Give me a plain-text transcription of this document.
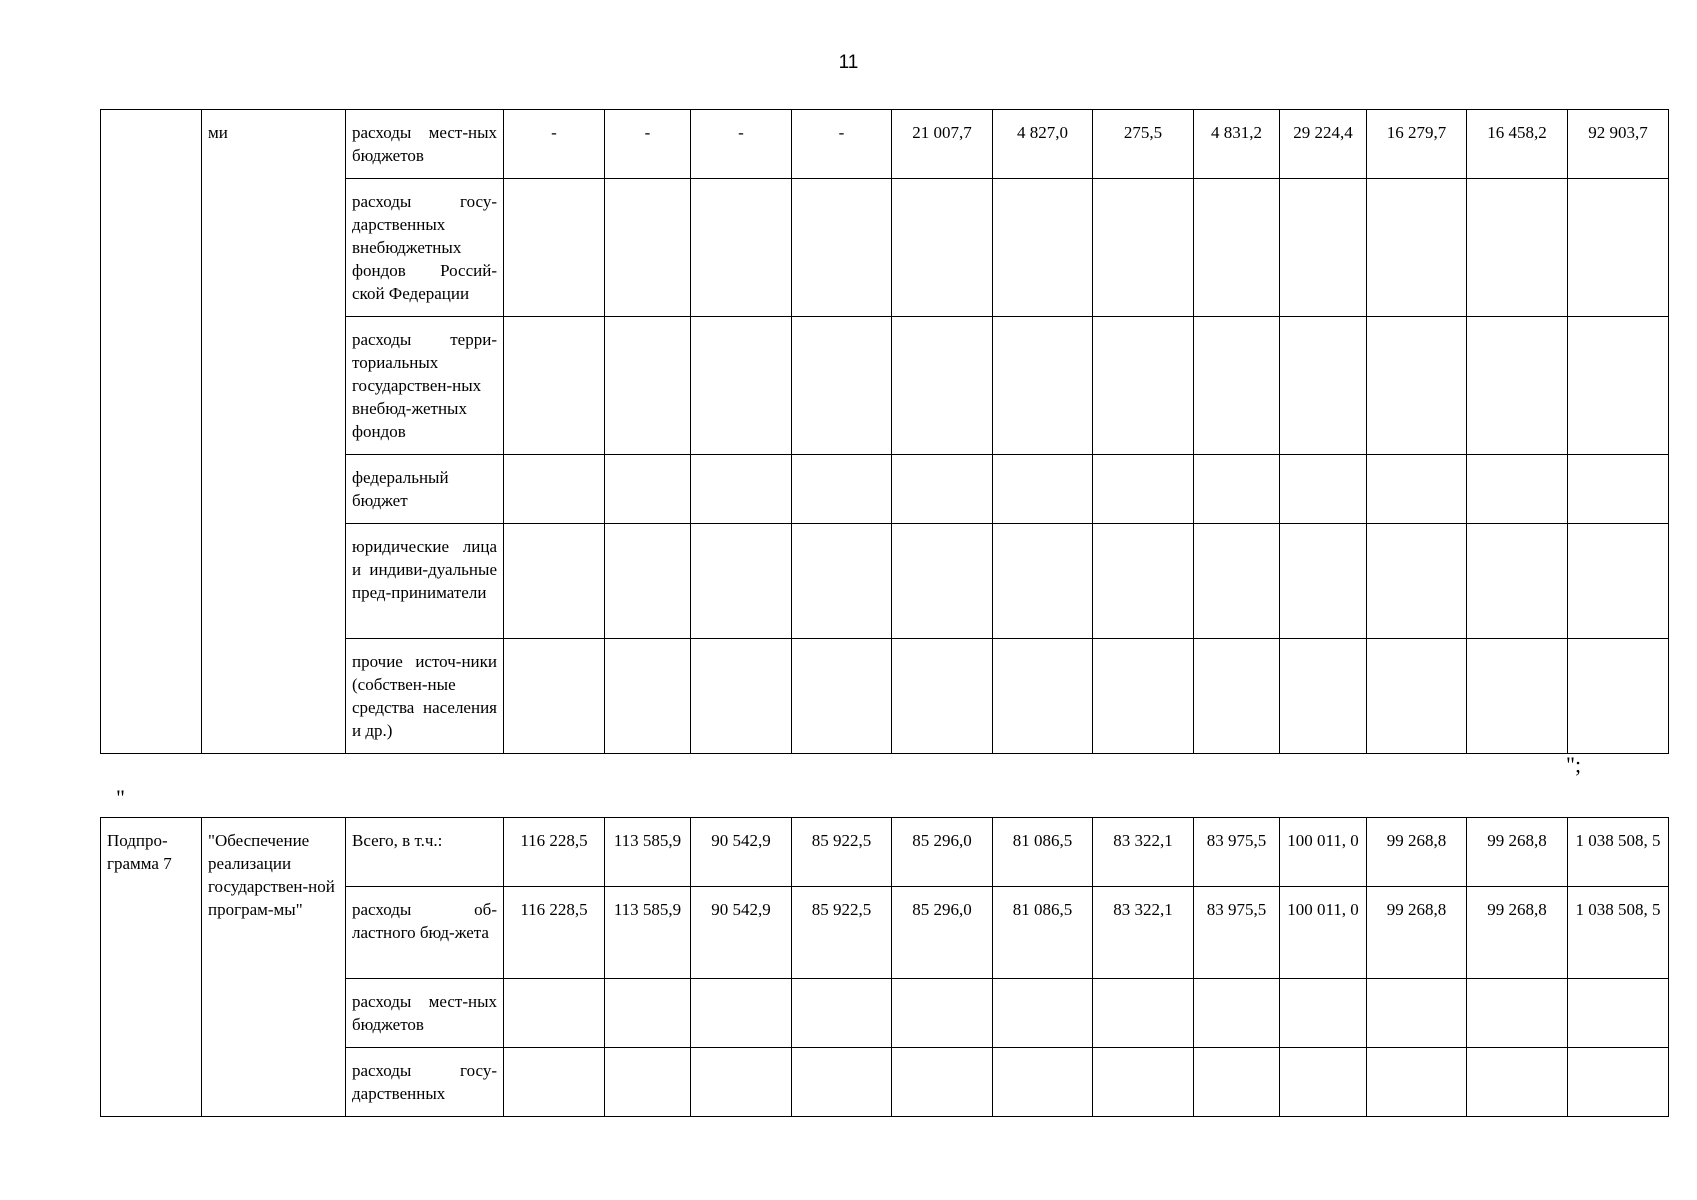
11
	ми	расходы мест-ных бюджетов	-	-	-	-	21 007,7	4 827,0	275,5	4 831,2	29 224,4	16 279,7	16 458,2	92 903,7
		расходы госу-дарственных внебюджетных фондов Россий-ской Федерации												
		расходы терри-ториальных государствен-ных внебюд-жетных фондов												
		федеральный бюджет												
		юридические лица и индиви-дуальные пред-приниматели												
		прочие источ-ники (собствен-ные средства населения и др.)												
";
"
Подпро-грамма 7	"Обеспечение реализации государствен-ной програм-мы"	Всего, в т.ч.:	116 228,5	113 585,9	90 542,9	85 922,5	85 296,0	81 086,5	83 322,1	83 975,5	100 011, 0	99 268,8	99 268,8	1 038 508, 5
		расходы об-ластного бюд-жета	116 228,5	113 585,9	90 542,9	85 922,5	85 296,0	81 086,5	83 322,1	83 975,5	100 011, 0	99 268,8	99 268,8	1 038 508, 5
		расходы мест-ных бюджетов												
		расходы госу-дарственных												
